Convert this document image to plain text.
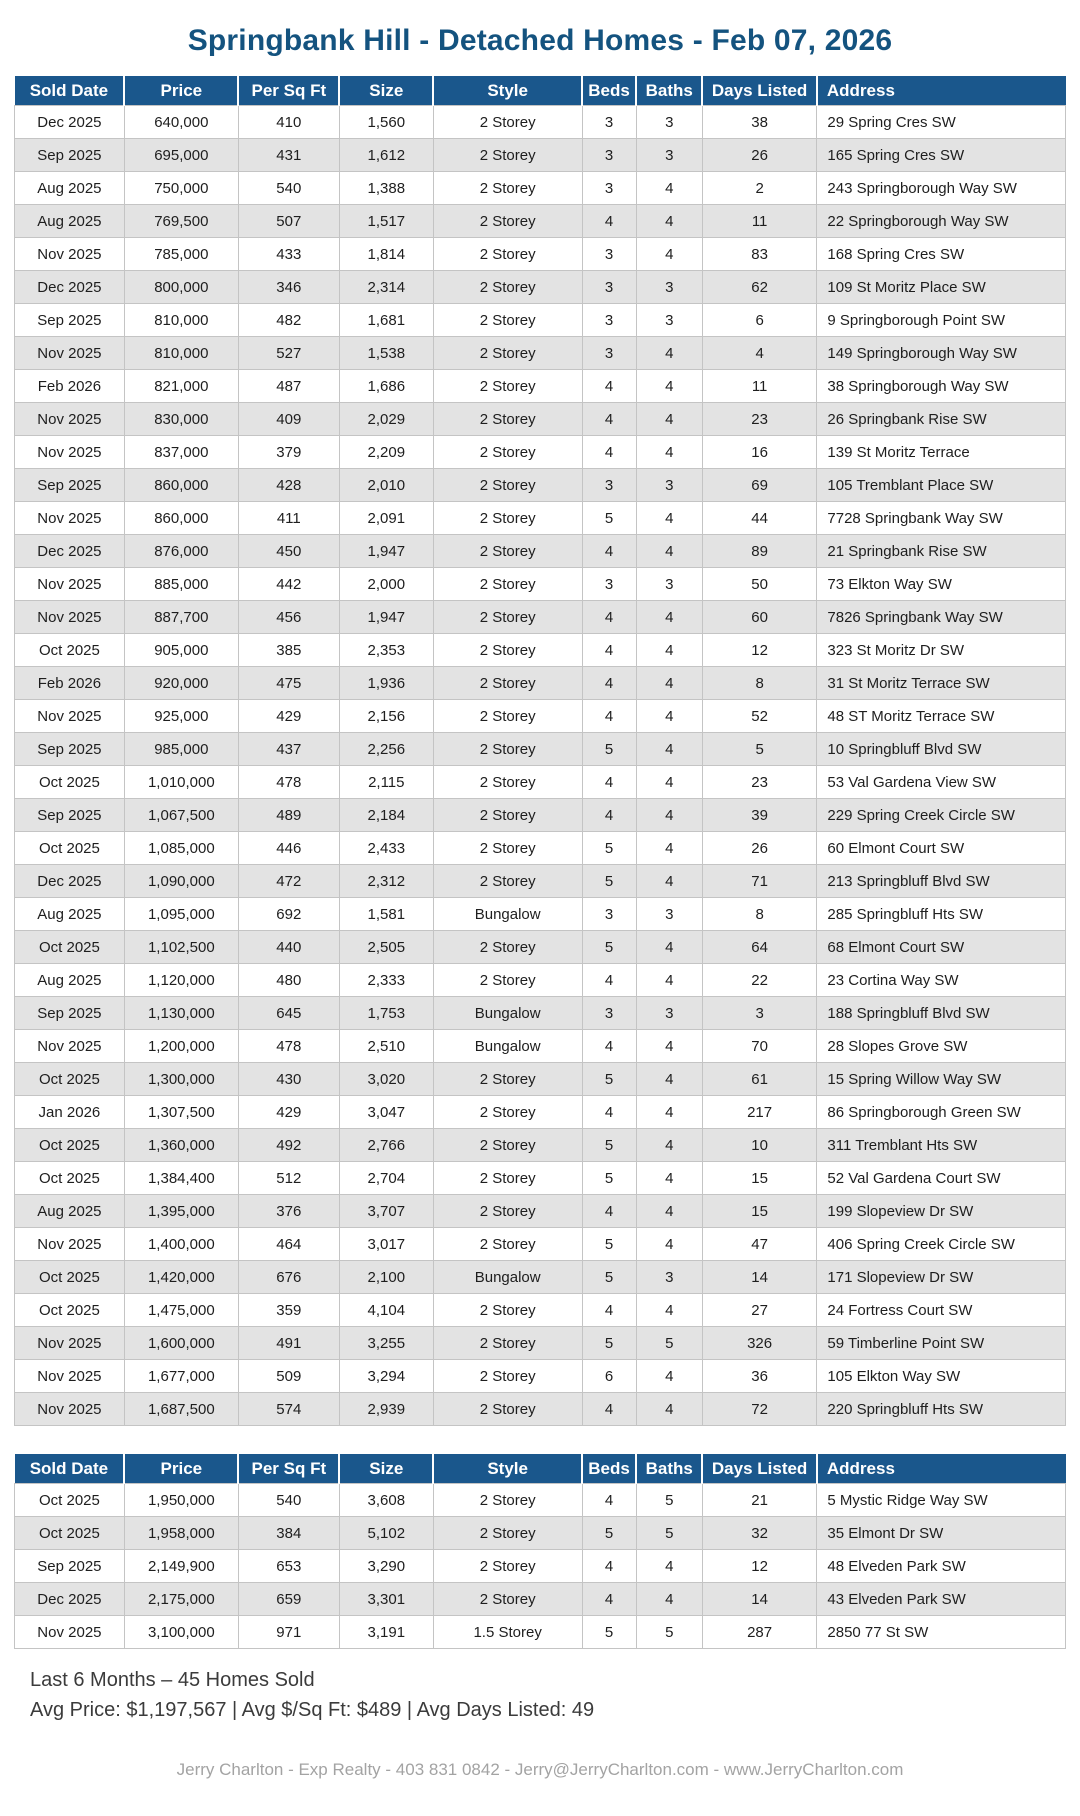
Springbank Hill - Detached Homes - Feb 07, 2026
Sold Date	Price	Per Sq Ft	Size	Style	Beds	Baths	Days Listed	Address
Dec 2025	640,000	410	1,560	2 Storey	3	3	38	29 Spring Cres SW
Sep 2025	695,000	431	1,612	2 Storey	3	3	26	165 Spring Cres SW
Aug 2025	750,000	540	1,388	2 Storey	3	4	2	243 Springborough Way SW
Aug 2025	769,500	507	1,517	2 Storey	4	4	11	22 Springborough Way SW
Nov 2025	785,000	433	1,814	2 Storey	3	4	83	168 Spring Cres SW
Dec 2025	800,000	346	2,314	2 Storey	3	3	62	109 St Moritz Place SW
Sep 2025	810,000	482	1,681	2 Storey	3	3	6	9 Springborough Point SW
Nov 2025	810,000	527	1,538	2 Storey	3	4	4	149 Springborough Way SW
Feb 2026	821,000	487	1,686	2 Storey	4	4	11	38 Springborough Way SW
Nov 2025	830,000	409	2,029	2 Storey	4	4	23	26 Springbank Rise SW
Nov 2025	837,000	379	2,209	2 Storey	4	4	16	139 St Moritz Terrace
Sep 2025	860,000	428	2,010	2 Storey	3	3	69	105 Tremblant Place SW
Nov 2025	860,000	411	2,091	2 Storey	5	4	44	7728 Springbank Way SW
Dec 2025	876,000	450	1,947	2 Storey	4	4	89	21 Springbank Rise SW
Nov 2025	885,000	442	2,000	2 Storey	3	3	50	73 Elkton Way SW
Nov 2025	887,700	456	1,947	2 Storey	4	4	60	7826 Springbank Way SW
Oct 2025	905,000	385	2,353	2 Storey	4	4	12	323 St Moritz Dr SW
Feb 2026	920,000	475	1,936	2 Storey	4	4	8	31 St Moritz Terrace SW
Nov 2025	925,000	429	2,156	2 Storey	4	4	52	48 ST Moritz Terrace SW
Sep 2025	985,000	437	2,256	2 Storey	5	4	5	10 Springbluff Blvd SW
Oct 2025	1,010,000	478	2,115	2 Storey	4	4	23	53 Val Gardena View SW
Sep 2025	1,067,500	489	2,184	2 Storey	4	4	39	229 Spring Creek Circle SW
Oct 2025	1,085,000	446	2,433	2 Storey	5	4	26	60 Elmont Court SW
Dec 2025	1,090,000	472	2,312	2 Storey	5	4	71	213 Springbluff Blvd SW
Aug 2025	1,095,000	692	1,581	Bungalow	3	3	8	285 Springbluff Hts SW
Oct 2025	1,102,500	440	2,505	2 Storey	5	4	64	68 Elmont Court SW
Aug 2025	1,120,000	480	2,333	2 Storey	4	4	22	23 Cortina Way SW
Sep 2025	1,130,000	645	1,753	Bungalow	3	3	3	188 Springbluff Blvd SW
Nov 2025	1,200,000	478	2,510	Bungalow	4	4	70	28 Slopes Grove SW
Oct 2025	1,300,000	430	3,020	2 Storey	5	4	61	15 Spring Willow Way SW
Jan 2026	1,307,500	429	3,047	2 Storey	4	4	217	86 Springborough Green SW
Oct 2025	1,360,000	492	2,766	2 Storey	5	4	10	311 Tremblant Hts SW
Oct 2025	1,384,400	512	2,704	2 Storey	5	4	15	52 Val Gardena Court SW
Aug 2025	1,395,000	376	3,707	2 Storey	4	4	15	199 Slopeview Dr SW
Nov 2025	1,400,000	464	3,017	2 Storey	5	4	47	406 Spring Creek Circle SW
Oct 2025	1,420,000	676	2,100	Bungalow	5	3	14	171 Slopeview Dr SW
Oct 2025	1,475,000	359	4,104	2 Storey	4	4	27	24 Fortress Court SW
Nov 2025	1,600,000	491	3,255	2 Storey	5	5	326	59 Timberline Point SW
Nov 2025	1,677,000	509	3,294	2 Storey	6	4	36	105 Elkton Way SW
Nov 2025	1,687,500	574	2,939	2 Storey	4	4	72	220 Springbluff Hts SW
Sold Date	Price	Per Sq Ft	Size	Style	Beds	Baths	Days Listed	Address
Oct 2025	1,950,000	540	3,608	2 Storey	4	5	21	5 Mystic Ridge Way SW
Oct 2025	1,958,000	384	5,102	2 Storey	5	5	32	35 Elmont Dr SW
Sep 2025	2,149,900	653	3,290	2 Storey	4	4	12	48 Elveden Park SW
Dec 2025	2,175,000	659	3,301	2 Storey	4	4	14	43 Elveden Park SW
Nov 2025	3,100,000	971	3,191	1.5 Storey	5	5	287	2850 77 St SW
Last 6 Months – 45 Homes Sold
Avg Price: $1,197,567 | Avg $/Sq Ft: $489 | Avg Days Listed: 49
Jerry Charlton - Exp Realty - 403 831 0842 - Jerry@JerryCharlton.com - www.JerryCharlton.com
